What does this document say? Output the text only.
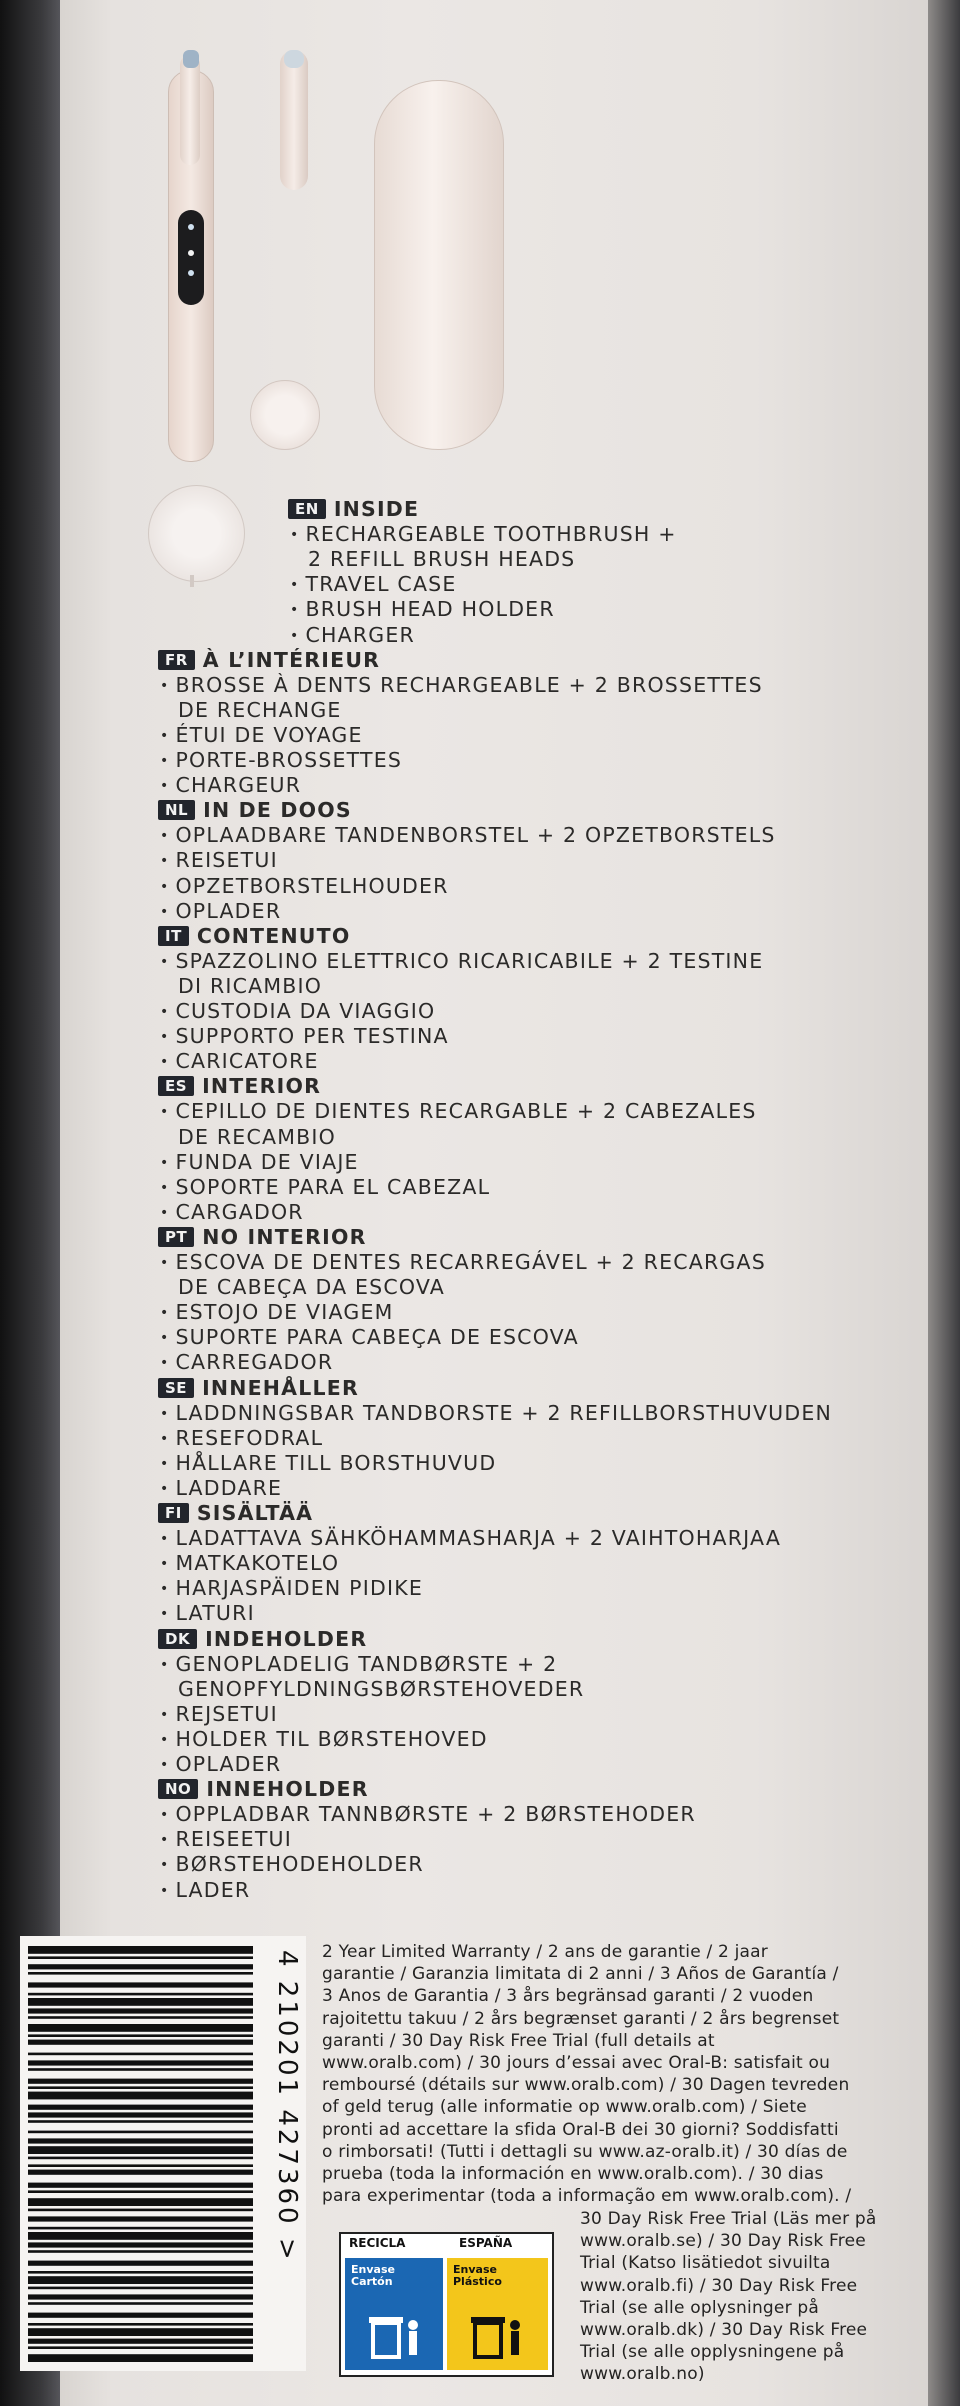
EN INSIDE
• RECHARGEABLE TOOTHBRUSH +
2 REFILL BRUSH HEADS
• TRAVEL CASE
• BRUSH HEAD HOLDER
• CHARGER
FR À L’INTÉRIEUR
• BROSSE À DENTS RECHARGEABLE + 2 BROSSETTES
DE RECHANGE
• ÉTUI DE VOYAGE
• PORTE-BROSSETTES
• CHARGEUR
NL IN DE DOOS
• OPLAADBARE TANDENBORSTEL + 2 OPZETBORSTELS
• REISETUI
• OPZETBORSTELHOUDER
• OPLADER
IT CONTENUTO
• SPAZZOLINO ELETTRICO RICARICABILE + 2 TESTINE
DI RICAMBIO
• CUSTODIA DA VIAGGIO
• SUPPORTO PER TESTINA
• CARICATORE
ES INTERIOR
• CEPILLO DE DIENTES RECARGABLE + 2 CABEZALES
DE RECAMBIO
• FUNDA DE VIAJE
• SOPORTE PARA EL CABEZAL
• CARGADOR
PT NO INTERIOR
• ESCOVA DE DENTES RECARREGÁVEL + 2 RECARGAS
DE CABEÇA DA ESCOVA
• ESTOJO DE VIAGEM
• SUPORTE PARA CABEÇA DE ESCOVA
• CARREGADOR
SE INNEHÅLLER
• LADDNINGSBAR TANDBORSTE + 2 REFILLBORSTHUVUDEN
• RESEFODRAL
• HÅLLARE TILL BORSTHUVUD
• LADDARE
FI SISÄLTÄÄ
• LADATTAVA SÄHKÖHAMMASHARJA + 2 VAIHTOHARJAA
• MATKAKOTELO
• HARJASPÄIDEN PIDIKE
• LATURI
DK INDEHOLDER
• GENOPLADELIG TANDBØRSTE + 2
GENOPFYLDNINGSBØRSTEHOVEDER
• REJSETUI
• HOLDER TIL BØRSTEHOVED
• OPLADER
NO INNEHOLDER
• OPPLADBAR TANNBØRSTE + 2 BØRSTEHODER
• REISEETUI
• BØRSTEHODEHOLDER
• LADER
4 210201 427360 > 2 Year Limited Warranty / 2 ans de garantie / 2 jaar
garantie / Garanzia limitata di 2 anni / 3 Años de Garantía /
3 Anos de Garantia / 3 års begränsad garanti / 2 vuoden
rajoitettu takuu / 2 års begrænset garanti / 2 års begrenset
garanti / 30 Day Risk Free Trial (full details at
www.oralb.com) / 30 jours d’essai avec Oral-B: satisfait ou
remboursé (détails sur www.oralb.com) / 30 Dagen tevreden
of geld terug (alle informatie op www.oralb.com) / Siete
pronti ad accettare la sfida Oral-B dei 30 giorni? Soddisfatti
o rimborsati! (Tutti i dettagli su www.az-oralb.it) / 30 días de
prueba (toda la información en www.oralb.com). / 30 dias
para experimentar (toda a informação em www.oralb.com). /
30 Day Risk Free Trial (Läs mer på
www.oralb.se) / 30 Day Risk Free
Trial (Katso lisätiedot sivuilta
www.oralb.fi) / 30 Day Risk Free
Trial (se alle oplysninger på
www.oralb.dk) / 30 Day Risk Free
Trial (se alle opplysningene på
www.oralb.no)
RECICLA	ESPAÑA
Envase
Cartón
Envase
Plástico
